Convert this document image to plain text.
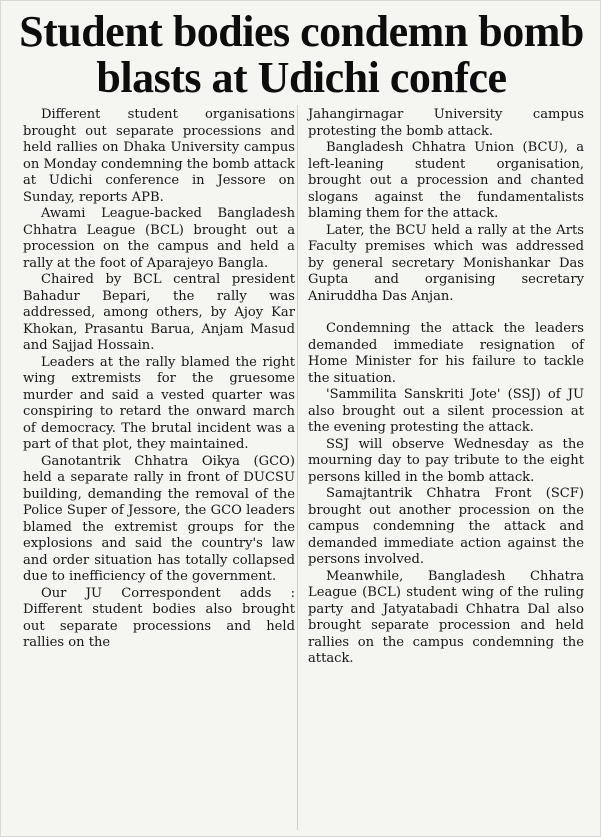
Student bodies condemn bomb
blasts at Udichi confce

Different student organisations brought out separate processions and held rallies on Dhaka University campus on Monday condemning the bomb attack at Udichi conference in Jessore on Sunday, reports APB.

Awami League-backed Bangladesh Chhatra League (BCL) brought out a procession on the campus and held a rally at the foot of Aparajeyo Bangla.

Chaired by BCL central president Bahadur Bepari, the rally was addressed, among others, by Ajoy Kar Khokan, Prasantu Barua, Anjam Masud and Sajjad Hossain.

Leaders at the rally blamed the right wing extremists for the gruesome murder and said a vested quarter was conspiring to retard the onward march of democracy. The brutal incident was a part of that plot, they maintained.

Ganotantrik Chhatra Oikya (GCO) held a separate rally in front of DUCSU building, demanding the removal of the Police Super of Jessore, the GCO leaders blamed the extremist groups for the explosions and said the country's law and order situation has totally collapsed due to inefficiency of the government.

Our JU Correspondent adds : Different student bodies also brought out separate processions and held rallies on the

Jahangirnagar University campus protesting the bomb attack.

Bangladesh Chhatra Union (BCU), a left-leaning student organisation, brought out a procession and chanted slogans against the fundamentalists blaming them for the attack.

Later, the BCU held a rally at the Arts Faculty premises which was addressed by general secretary Monishankar Das Gupta and organising secretary Aniruddha Das Anjan.

Condemning the attack the leaders demanded immediate resignation of Home Minister for his failure to tackle the situation.

'Sammilita Sanskriti Jote' (SSJ) of JU also brought out a silent procession at the evening protesting the attack.

SSJ will observe Wednesday as the mourning day to pay tribute to the eight persons killed in the bomb attack.

Samajtantrik Chhatra Front (SCF) brought out another procession on the campus condemning the attack and demanded immediate action against the persons involved.

Meanwhile, Bangladesh Chhatra League (BCL) student wing of the ruling party and Jatyatabadi Chhatra Dal also brought separate procession and held rallies on the campus condemning the attack.
